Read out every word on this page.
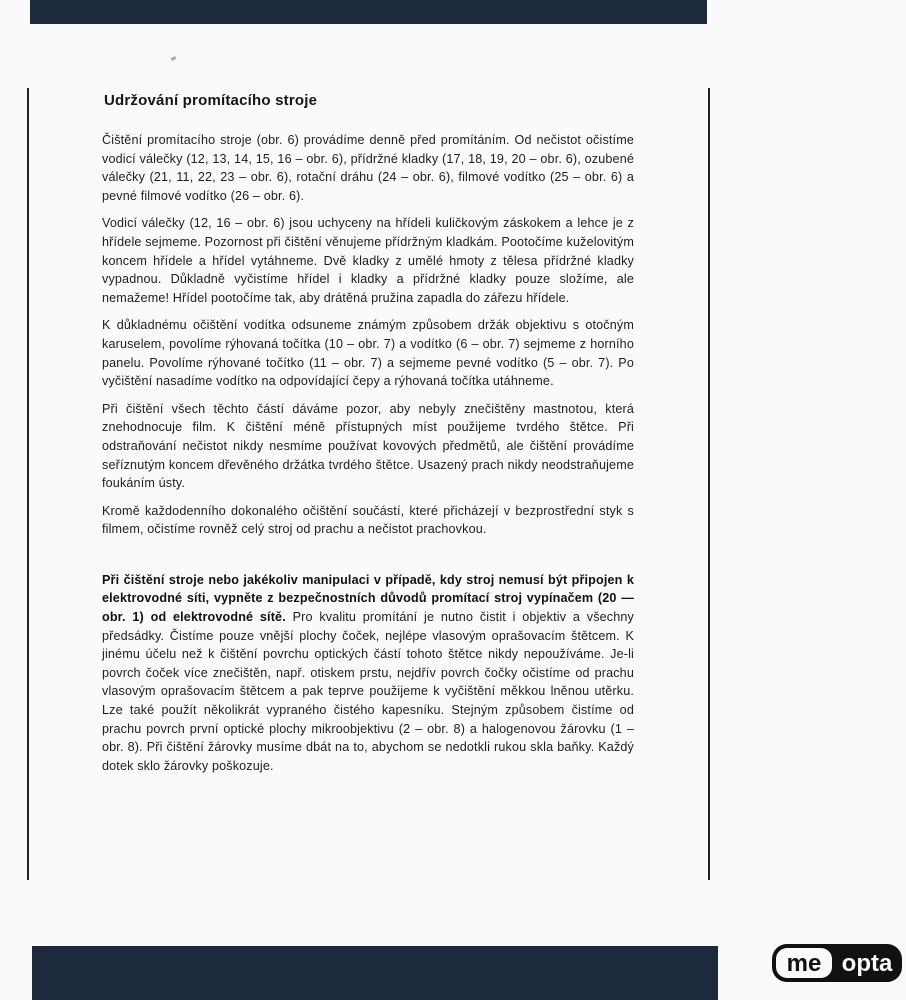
Udržování promítacího stroje

Čištění promítacího stroje (obr. 6) provádíme denně před promítáním. Od nečistot očistíme vodicí válečky (12, 13, 14, 15, 16 – obr. 6), přídržné kladky (17, 18, 19, 20 – obr. 6), ozubené válečky (21, 11, 22, 23 – obr. 6), rotační dráhu (24 – obr. 6), filmové vodítko (25 – obr. 6) a pevné filmové vodítko (26 – obr. 6).

Vodicí válečky (12, 16 – obr. 6) jsou uchyceny na hřídeli kuličkovým záskokem a lehce je z hřídele sejmeme. Pozornost při čištění věnujeme přídržným kladkám. Pootočíme kuželovitým koncem hřídele a hřídel vytáhneme. Dvě kladky z umělé hmoty z tělesa přídržné kladky vypadnou. Důkladně vyčistíme hřídel i kladky a přídržné kladky pouze složíme, ale nemažeme! Hřídel pootočíme tak, aby drátěná pružina zapadla do zářezu hřídele.

K důkladnému očištění vodítka odsuneme známým způsobem držák objektivu s otočným karuselem, povolíme rýhovaná točítka (10 – obr. 7) a vodítko (6 – obr. 7) sejmeme z horního panelu. Povolíme rýhované točítko (11 – obr. 7) a sejmeme pevné vodítko (5 – obr. 7). Po vyčištění nasadíme vodítko na odpovídající čepy a rýhovaná točítka utáhneme.

Při čištění všech těchto částí dáváme pozor, aby nebyly znečištěny mastnotou, která znehodnocuje film. K čištění méně přístupných míst použijeme tvrdého štětce. Při odstraňování nečistot nikdy nesmíme používat kovových předmětů, ale čištění provádíme seříznutým koncem dřevěného držátka tvrdého štětce. Usazený prach nikdy neodstraňujeme foukáním ústy.

Kromě každodenního dokonalého očištění součástí, které přicházejí v bezprostřední styk s filmem, očistíme rovněž celý stroj od prachu a nečistot prachovkou.

Při čištění stroje nebo jakékoliv manipulaci v případě, kdy stroj nemusí být připojen k elektrovodné síti, vypněte z bezpečnostních důvodů promítací stroj vypínačem (20 — obr. 1) od elektrovodné sítě. Pro kvalitu promítání je nutno čistit i objektiv a všechny předsádky. Čistíme pouze vnější plochy čoček, nejlépe vlasovým oprašovacím štětcem. K jinému účelu než k čištění povrchu optických částí tohoto štětce nikdy nepoužíváme. Je-li povrch čoček více znečištěn, např. otiskem prstu, nejdřív povrch čočky očistíme od prachu vlasovým oprašovacím štětcem a pak teprve použijeme k vyčištění měkkou lněnou utěrku. Lze také použít několikrát vypraného čistého kapesníku. Stejným způsobem čistíme od prachu povrch první optické plochy mikroobjektivu (2 – obr. 8) a halogenovou žárovku (1 – obr. 8). Při čištění žárovky musíme dbát na to, abychom se nedotkli rukou skla baňky. Každý dotek sklo žárovky poškozuje.

me opta
